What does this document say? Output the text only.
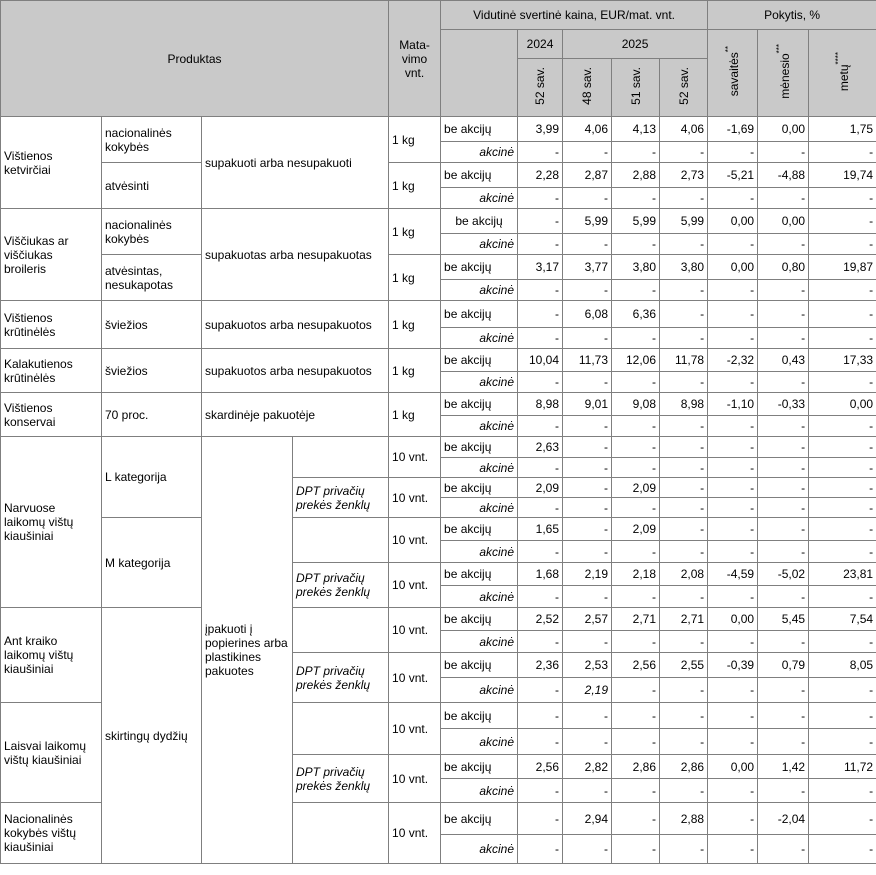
Produktas				Mata-vimo vnt.	Vidutinė svertinė kaina, EUR/mat. vnt.					Pokytis, %		
						2024	2025			savaitės**	mėnesio***	metų****
						52 sav.	48 sav.	51 sav.	52 sav.			
Vištienos ketvirčiai	nacionalinės kokybės	supakuoti arba nesupakuoti		1 kg	be akcijų	3,99	4,06	4,13	4,06	-1,69	0,00	1,75
					akcinė	-	-	-	-	-	-	-
	atvėsinti			1 kg	be akcijų	2,28	2,87	2,88	2,73	-5,21	-4,88	19,74
					akcinė	-	-	-	-	-	-	-
Viščiukas ar viščiukas broileris	nacionalinės kokybės	supakuotas arba nesupakuotas		1 kg	be akcijų	-	5,99	5,99	5,99	0,00	0,00	-
					akcinė	-	-	-	-	-	-	-
	atvėsintas, nesukapotas			1 kg	be akcijų	3,17	3,77	3,80	3,80	0,00	0,80	19,87
					akcinė	-	-	-	-	-	-	-
Vištienos krūtinėlės	šviežios	supakuotos arba nesupakuotos		1 kg	be akcijų	-	6,08	6,36	-	-	-	-
					akcinė	-	-	-	-	-	-	-
Kalakutienos krūtinėlės	šviežios	supakuotos arba nesupakuotos		1 kg	be akcijų	10,04	11,73	12,06	11,78	-2,32	0,43	17,33
					akcinė	-	-	-	-	-	-	-
Vištienos konservai	70 proc.	skardinėje pakuotėje		1 kg	be akcijų	8,98	9,01	9,08	8,98	-1,10	-0,33	0,00
					akcinė	-	-	-	-	-	-	-
Narvuose laikomų vištų kiaušiniai	L kategorija	įpakuoti į popierines arba plastikines pakuotes		10 vnt.	be akcijų	2,63	-	-	-	-	-	-
					akcinė	-	-	-	-	-	-	-
			DPT privačių prekės ženklų	10 vnt.	be akcijų	2,09	-	2,09	-	-	-	-
					akcinė	-	-	-	-	-	-	-
	M kategorija			10 vnt.	be akcijų	1,65	-	2,09	-	-	-	-
					akcinė	-	-	-	-	-	-	-
			DPT privačių prekės ženklų	10 vnt.	be akcijų	1,68	2,19	2,18	2,08	-4,59	-5,02	23,81
					akcinė	-	-	-	-	-	-	-
Ant kraiko laikomų vištų kiaušiniai	skirtingų dydžių			10 vnt.	be akcijų	2,52	2,57	2,71	2,71	0,00	5,45	7,54
					akcinė	-	-	-	-	-	-	-
			DPT privačių prekės ženklų	10 vnt.	be akcijų	2,36	2,53	2,56	2,55	-0,39	0,79	8,05
					akcinė	-	2,19	-	-	-	-	-
Laisvai laikomų vištų kiaušiniai				10 vnt.	be akcijų	-	-	-	-	-	-	-
					akcinė	-	-	-	-	-	-	-
			DPT privačių prekės ženklų	10 vnt.	be akcijų	2,56	2,82	2,86	2,86	0,00	1,42	11,72
					akcinė	-	-	-	-	-	-	-
Nacionalinės kokybės vištų kiaušiniai				10 vnt.	be akcijų	-	2,94	-	2,88	-	-2,04	-
					akcinė	-	-	-	-	-	-	-
